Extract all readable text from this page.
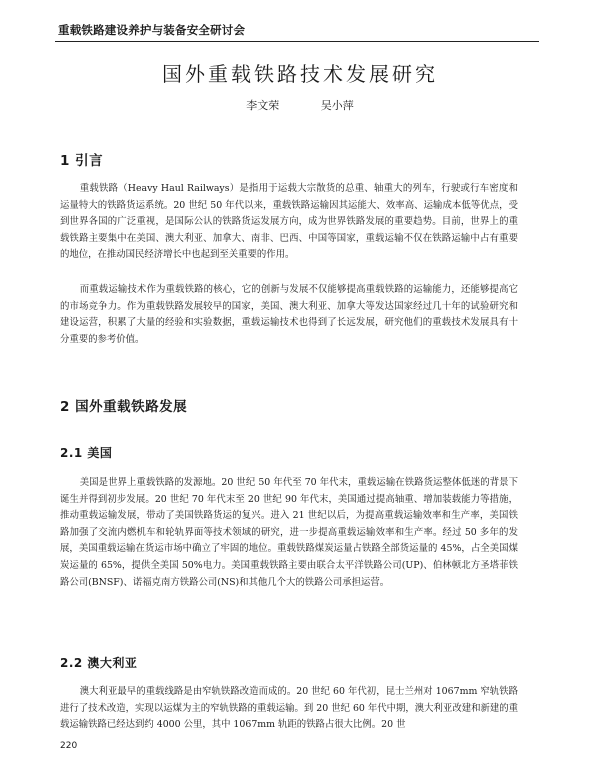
重载铁路建设养护与装备安全研讨会
国外重载铁路技术发展研究
李文荣	吴小萍
1 引言

重载铁路（Heavy Haul Railways）是指用于运载大宗散货的总重、轴重大的列车，行驶或行车密度和运量特大的铁路货运系统。20 世纪 50 年代以来，重载铁路运输因其运能大、效率高、运输成本低等优点，受到世界各国的广泛重视，是国际公认的铁路货运发展方向，成为世界铁路发展的重要趋势。目前，世界上的重载铁路主要集中在美国、澳大利亚、加拿大、南非、巴西、中国等国家，重载运输不仅在铁路运输中占有重要的地位，在推动国民经济增长中也起到至关重要的作用。

而重载运输技术作为重载铁路的核心，它的创新与发展不仅能够提高重载铁路的运输能力，还能够提高它的市场竞争力。作为重载铁路发展较早的国家，美国、澳大利亚、加拿大等发达国家经过几十年的试验研究和建设运营，积累了大量的经验和实验数据，重载运输技术也得到了长远发展，研究他们的重载技术发展具有十分重要的参考价值。

2 国外重载铁路发展
2.1 美国

美国是世界上重载铁路的发源地。20 世纪 50 年代至 70 年代末，重载运输在铁路货运整体低迷的背景下诞生并得到初步发展。20 世纪 70 年代末至 20 世纪 90 年代末，美国通过提高轴重、增加装载能力等措施，推动重载运输发展，带动了美国铁路货运的复兴。进入 21 世纪以后，为提高重载运输效率和生产率，美国铁路加强了交流内燃机车和轮轨界面等技术领域的研究，进一步提高重载运输效率和生产率。经过 50 多年的发展，美国重载运输在货运市场中确立了牢固的地位。重载铁路煤炭运量占铁路全部货运量的 45%，占全美国煤炭运量的 65%，提供全美国 50%电力。美国重载铁路主要由联合太平洋铁路公司(UP)、伯林顿北方圣塔菲铁路公司(BNSF)、诺福克南方铁路公司(NS)和其他几个大的铁路公司承担运营。

2.2 澳大利亚

澳大利亚最早的重载线路是由窄轨铁路改造而成的。20 世纪 60 年代初，昆士兰州对 1067mm 窄轨铁路进行了技术改造，实现以运煤为主的窄轨铁路的重载运输。到 20 世纪 60 年代中期，澳大利亚改建和新建的重载运输铁路已经达到约 4000 公里，其中 1067mm 轨距的铁路占很大比例。20 世

220
